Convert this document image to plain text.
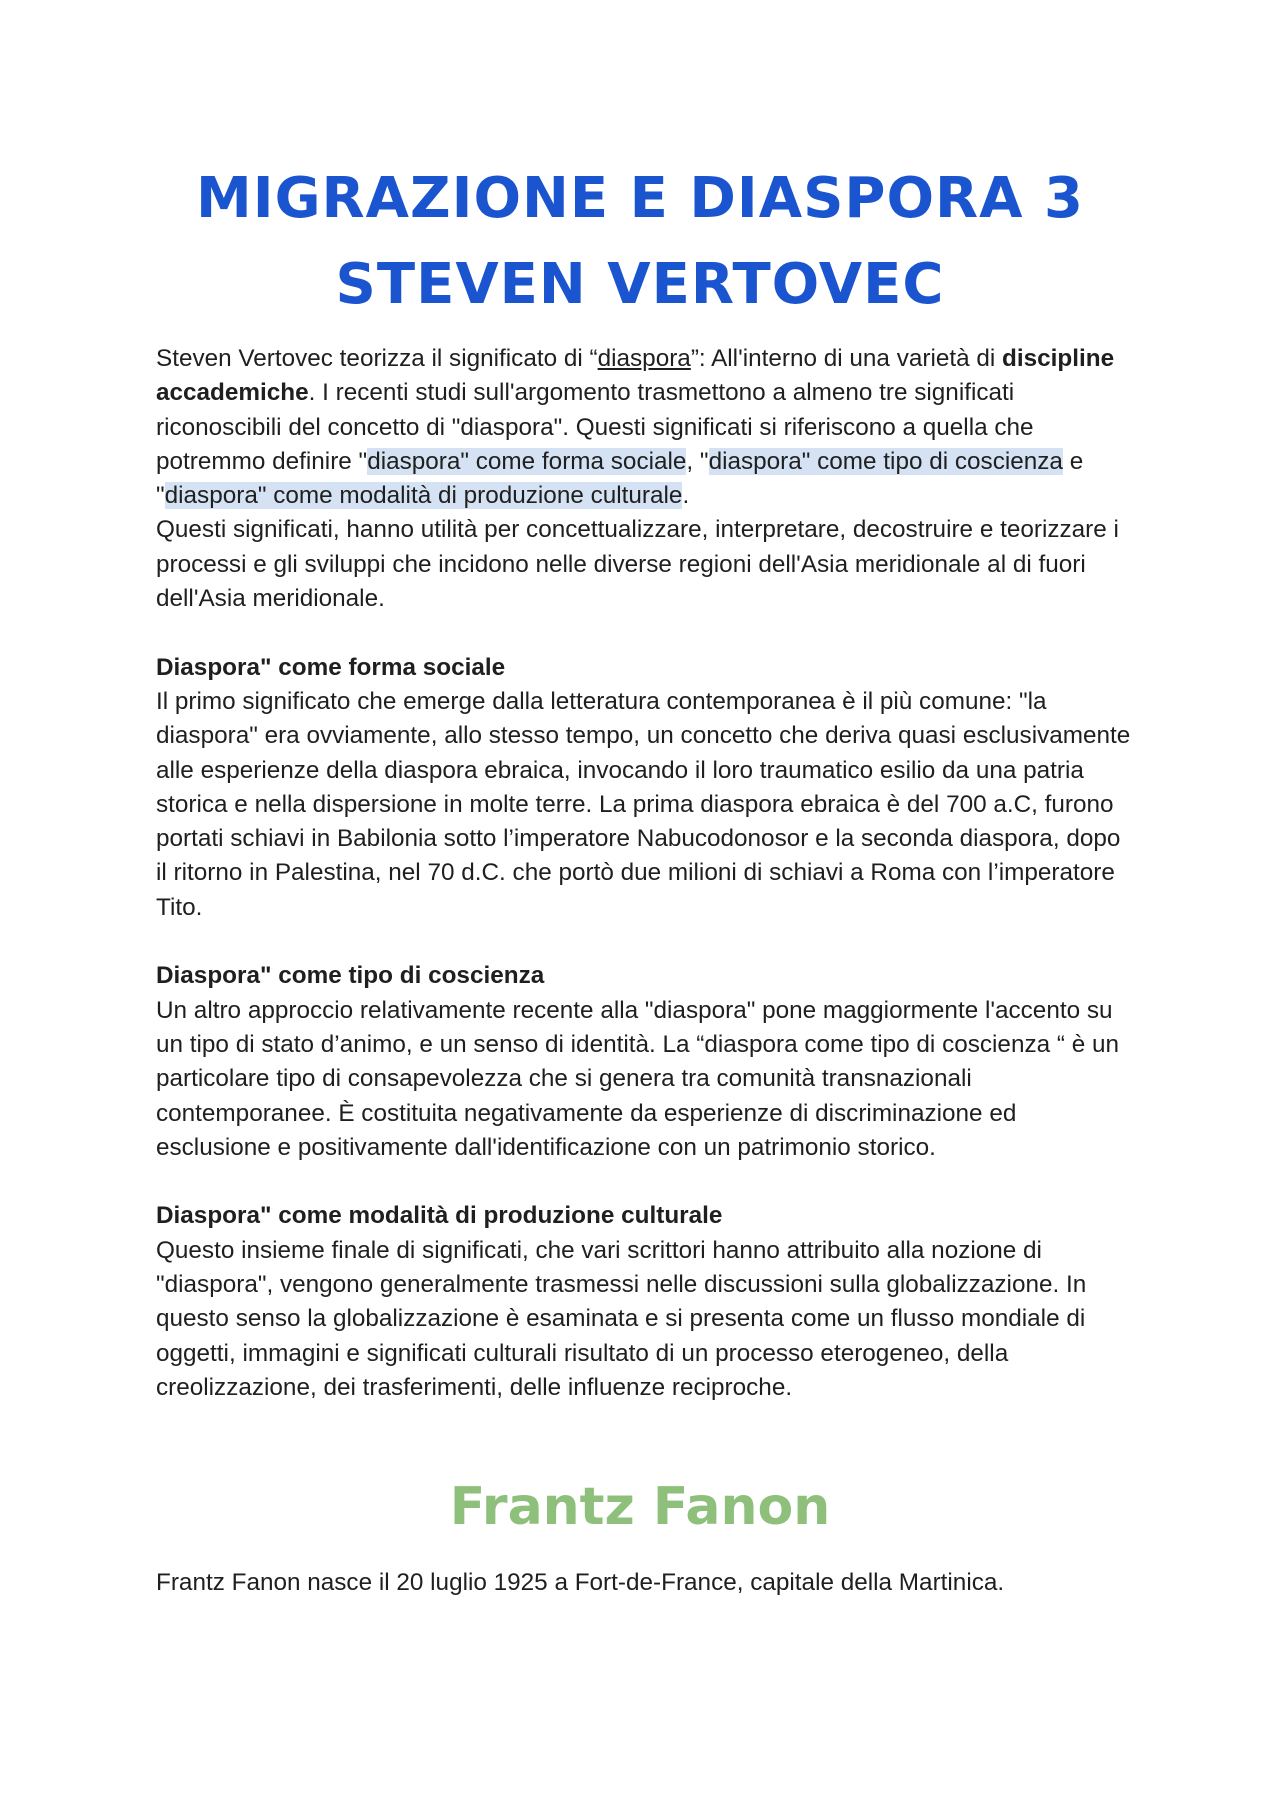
MIGRAZIONE E DIASPORA 3
STEVEN VERTOVEC

Steven Vertovec teorizza il significato di “diaspora”: All'interno di una varietà di discipline accademiche. I recenti studi sull'argomento trasmettono a almeno tre significati riconoscibili del concetto di "diaspora". Questi significati si riferiscono a quella che potremmo definire "diaspora" come forma sociale, "diaspora" come tipo di coscienza e "diaspora" come modalità di produzione culturale.

Questi significati, hanno utilità per concettualizzare, interpretare, decostruire e teorizzare i processi e gli sviluppi che incidono nelle diverse regioni dell'Asia meridionale al di fuori dell'Asia meridionale.

Diaspora" come forma sociale

Il primo significato che emerge dalla letteratura contemporanea è il più comune: "la diaspora" era ovviamente, allo stesso tempo, un concetto che deriva quasi esclusivamente alle esperienze della diaspora ebraica, invocando il loro traumatico esilio da una patria storica e nella dispersione in molte terre. La prima diaspora ebraica è del 700 a.C, furono portati schiavi in Babilonia sotto l’imperatore Nabucodonosor e la seconda diaspora, dopo il ritorno in Palestina, nel 70 d.C. che portò due milioni di schiavi a Roma con l’imperatore Tito.

Diaspora" come tipo di coscienza

Un altro approccio relativamente recente alla "diaspora" pone maggiormente l'accento su un tipo di stato d’animo, e un senso di identità. La “diaspora come tipo di coscienza “ è un particolare tipo di consapevolezza che si genera tra comunità transnazionali contemporanee. È costituita negativamente da esperienze di discriminazione ed esclusione e positivamente dall'identificazione con un patrimonio storico.

Diaspora" come modalità di produzione culturale

Questo insieme finale di significati, che vari scrittori hanno attribuito alla nozione di "diaspora", vengono generalmente trasmessi nelle discussioni sulla globalizzazione. In questo senso la globalizzazione è esaminata e si presenta come un flusso mondiale di oggetti, immagini e significati culturali risultato di un processo eterogeneo, della creolizzazione, dei trasferimenti, delle influenze reciproche.

Frantz Fanon

Frantz Fanon nasce il 20 luglio 1925 a Fort-de-France, capitale della Martinica.
